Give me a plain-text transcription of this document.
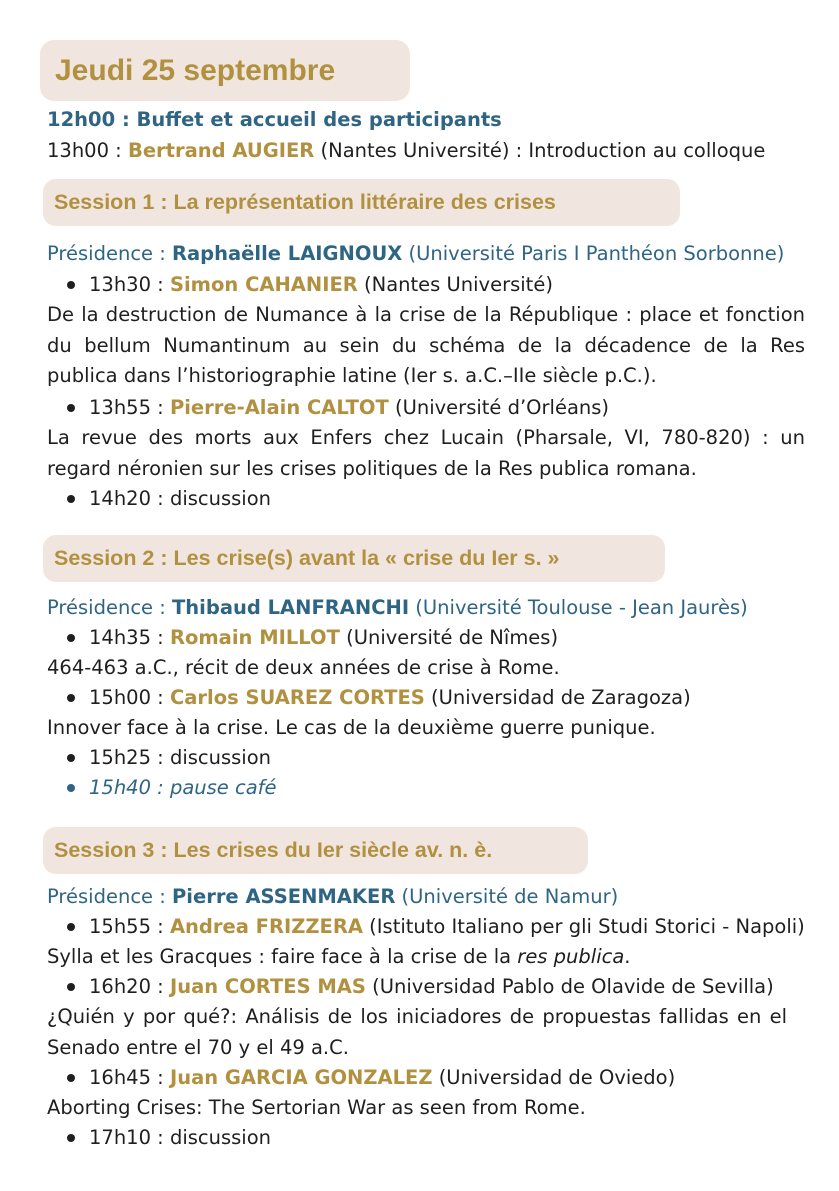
Jeudi 25 septembre
12h00 : Buffet et accueil des participants
13h00 : Bertrand AUGIER (Nantes Université) : Introduction au colloque
Session 1 : La représentation littéraire des crises
Présidence : Raphaëlle LAIGNOUX (Université Paris I Panthéon Sorbonne)
13h30 : Simon CAHANIER (Nantes Université)
De la destruction de Numance à la crise de la République : place et fonction du bellum Numantinum au sein du schéma de la décadence de la Res publica dans l’historiographie latine (Ier s. a.C.–IIe siècle p.C.).
13h55 : Pierre-Alain CALTOT (Université d’Orléans)
La revue des morts aux Enfers chez Lucain (Pharsale, VI, 780-820) : un regard néronien sur les crises politiques de la Res publica romana.
14h20 : discussion
Session 2 : Les crise(s) avant la « crise du Ier s. »
Présidence : Thibaud LANFRANCHI (Université Toulouse - Jean Jaurès)
14h35 : Romain MILLOT (Université de Nîmes)
464-463 a.C., récit de deux années de crise à Rome.
15h00 : Carlos SUAREZ CORTES (Universidad de Zaragoza)
Innover face à la crise. Le cas de la deuxième guerre punique.
15h25 : discussion
15h40 : pause café
Session 3 : Les crises du Ier siècle av. n. è.
Présidence : Pierre ASSENMAKER (Université de Namur)
15h55 : Andrea FRIZZERA (Istituto Italiano per gli Studi Storici - Napoli)
Sylla et les Gracques : faire face à la crise de la res publica.
16h20 : Juan CORTES MAS (Universidad Pablo de Olavide de Sevilla)
¿Quién y por qué?: Análisis de los iniciadores de propuestas fallidas en el Senado entre el 70 y el 49 a.C.
16h45 : Juan GARCIA GONZALEZ (Universidad de Oviedo)
Aborting Crises: The Sertorian War as seen from Rome.
17h10 : discussion
